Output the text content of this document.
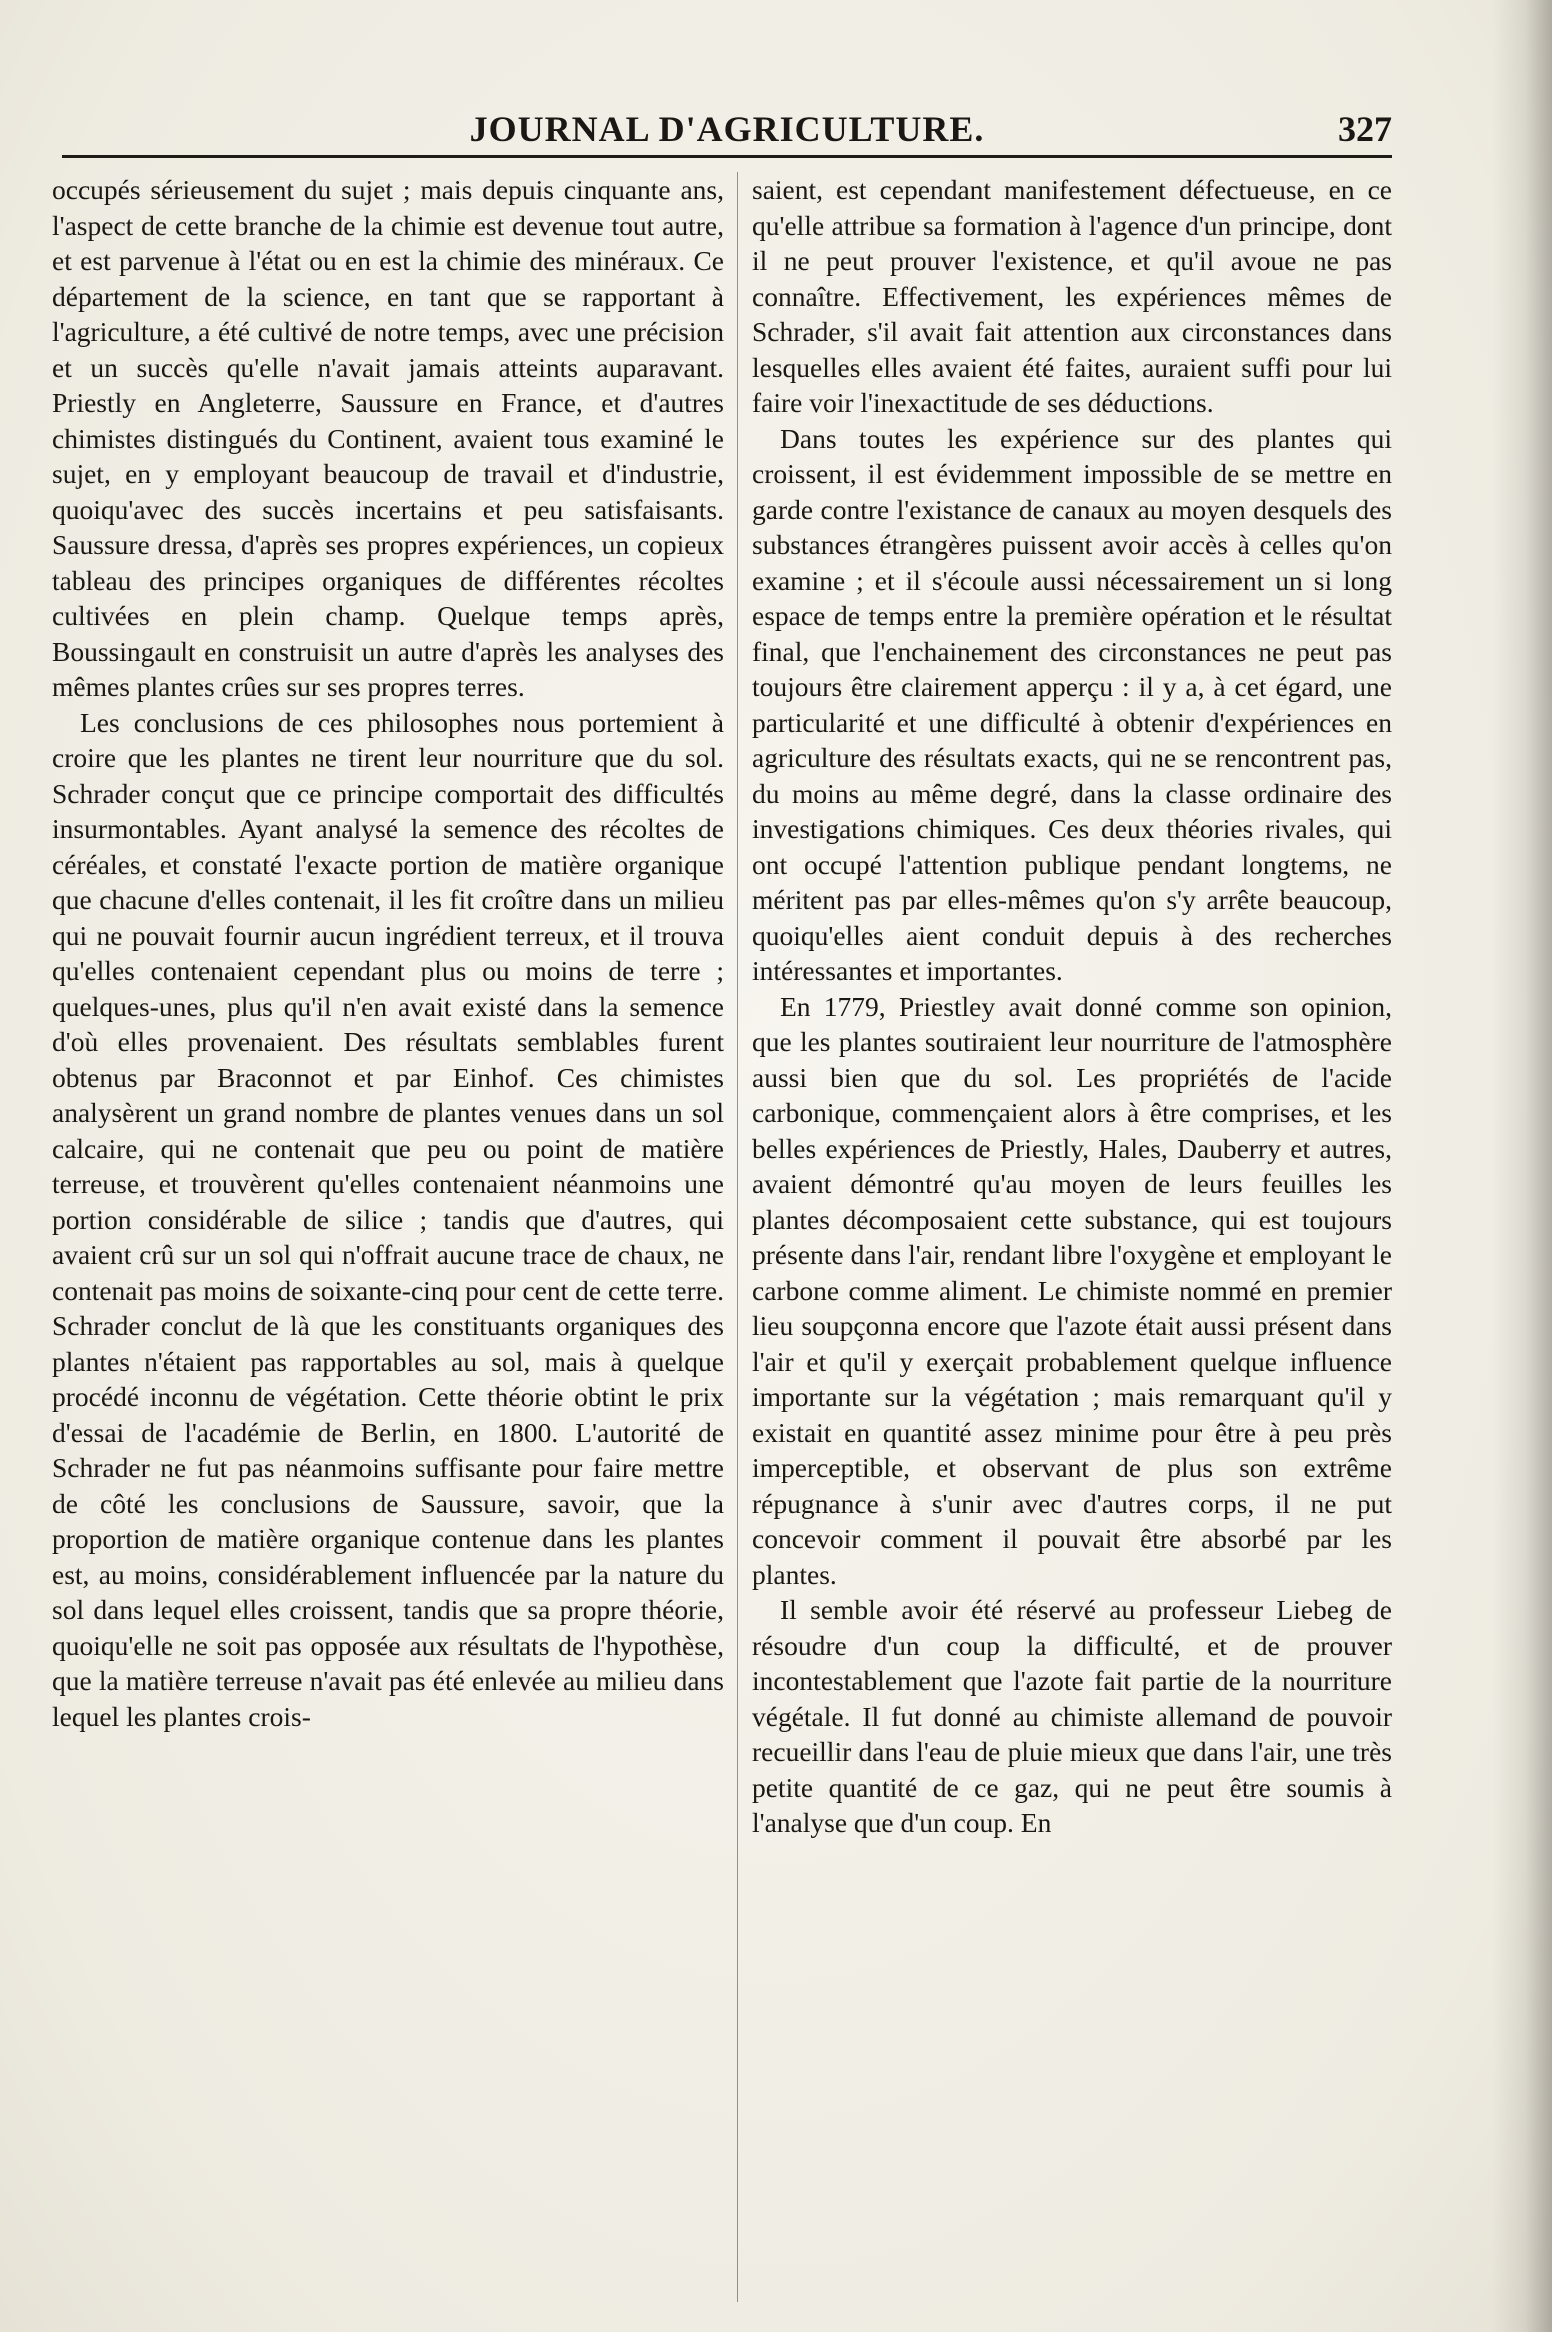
JOURNAL D'AGRICULTURE.	327

occupés sérieusement du sujet ; mais depuis cinquante ans, l'aspect de cette branche de la chimie est devenue tout autre, et est parvenue à l'état ou en est la chimie des minéraux. Ce département de la science, en tant que se rapportant à l'agriculture, a été cultivé de notre temps, avec une précision et un succès qu'elle n'avait jamais atteints auparavant. Priestly en Angleterre, Saussure en France, et d'autres chimistes distingués du Continent, avaient tous examiné le sujet, en y employant beaucoup de travail et d'industrie, quoiqu'avec des succès incertains et peu satisfaisants. Saussure dressa, d'après ses propres expériences, un copieux tableau des principes organiques de différentes récoltes cultivées en plein champ. Quelque temps après, Boussingault en construisit un autre d'après les analyses des mêmes plantes crûes sur ses propres terres.

Les conclusions de ces philosophes nous portemient à croire que les plantes ne tirent leur nourriture que du sol. Schrader conçut que ce principe comportait des difficultés insurmontables. Ayant analysé la semence des récoltes de céréales, et constaté l'exacte portion de matière organique que chacune d'elles contenait, il les fit croître dans un milieu qui ne pouvait fournir aucun ingrédient terreux, et il trouva qu'elles contenaient cependant plus ou moins de terre ; quelques-unes, plus qu'il n'en avait existé dans la semence d'où elles provenaient. Des résultats semblables furent obtenus par Braconnot et par Einhof. Ces chimistes analysèrent un grand nombre de plantes venues dans un sol calcaire, qui ne contenait que peu ou point de matière terreuse, et trouvèrent qu'elles contenaient néanmoins une portion considérable de silice ; tandis que d'autres, qui avaient crû sur un sol qui n'offrait aucune trace de chaux, ne contenait pas moins de soixante-cinq pour cent de cette terre. Schrader conclut de là que les constituants organiques des plantes n'étaient pas rapportables au sol, mais à quelque procédé inconnu de végétation. Cette théorie obtint le prix d'essai de l'académie de Berlin, en 1800. L'autorité de Schrader ne fut pas néanmoins suffisante pour faire mettre de côté les conclusions de Saussure, savoir, que la proportion de matière organique contenue dans les plantes est, au moins, considérablement influencée par la nature du sol dans lequel elles croissent, tandis que sa propre théorie, quoiqu'elle ne soit pas opposée aux résultats de l'hypothèse, que la matière terreuse n'avait pas été enlevée au milieu dans lequel les plantes crois-

saient, est cependant manifestement défectueuse, en ce qu'elle attribue sa formation à l'agence d'un principe, dont il ne peut prouver l'existence, et qu'il avoue ne pas connaître. Effectivement, les expériences mêmes de Schrader, s'il avait fait attention aux circonstances dans lesquelles elles avaient été faites, auraient suffi pour lui faire voir l'inexactitude de ses déductions.

Dans toutes les expérience sur des plantes qui croissent, il est évidemment impossible de se mettre en garde contre l'existance de canaux au moyen desquels des substances étrangères puissent avoir accès à celles qu'on examine ; et il s'écoule aussi nécessairement un si long espace de temps entre la première opération et le résultat final, que l'enchainement des circonstances ne peut pas toujours être clairement apperçu : il y a, à cet égard, une particularité et une difficulté à obtenir d'expériences en agriculture des résultats exacts, qui ne se rencontrent pas, du moins au même degré, dans la classe ordinaire des investigations chimiques. Ces deux théories rivales, qui ont occupé l'attention publique pendant longtems, ne méritent pas par elles-mêmes qu'on s'y arrête beaucoup, quoiqu'elles aient conduit depuis à des recherches intéressantes et importantes.

En 1779, Priestley avait donné comme son opinion, que les plantes soutiraient leur nourriture de l'atmosphère aussi bien que du sol. Les propriétés de l'acide carbonique, commençaient alors à être comprises, et les belles expériences de Priestly, Hales, Dauberry et autres, avaient démontré qu'au moyen de leurs feuilles les plantes décomposaient cette substance, qui est toujours présente dans l'air, rendant libre l'oxygène et employant le carbone comme aliment. Le chimiste nommé en premier lieu soupçonna encore que l'azote était aussi présent dans l'air et qu'il y exerçait probablement quelque influence importante sur la végétation ; mais remarquant qu'il y existait en quantité assez minime pour être à peu près imperceptible, et observant de plus son extrême répugnance à s'unir avec d'autres corps, il ne put concevoir comment il pouvait être absorbé par les plantes.

Il semble avoir été réservé au professeur Liebeg de résoudre d'un coup la difficulté, et de prouver incontestablement que l'azote fait partie de la nourriture végétale. Il fut donné au chimiste allemand de pouvoir recueillir dans l'eau de pluie mieux que dans l'air, une très petite quantité de ce gaz, qui ne peut être soumis à l'analyse que d'un coup. En
